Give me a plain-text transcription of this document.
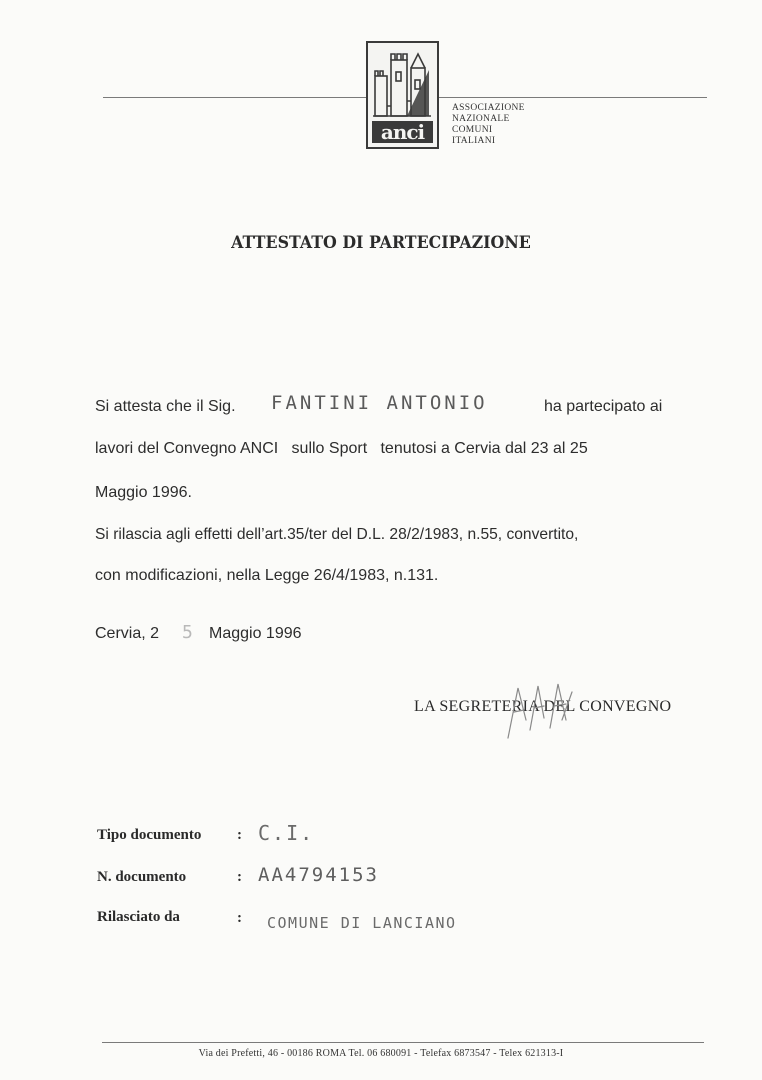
anci
ASSOCIAZIONE
NAZIONALE
COMUNI
ITALIANI
ATTESTATO DI PARTECIPAZIONE
Si attesta che il Sig. FANTINI ANTONIO	ha partecipato ai
lavori del Convegno ANCI   sullo Sport   tenutosi a Cervia dal 23 al 25
Maggio 1996.
Si rilascia agli effetti dell’art.35/ter del D.L. 28/2/1983, n.55, convertito,
con modificazioni, nella Legge 26/4/1983, n.131.
Cervia, 2 5 Maggio 1996
LA SEGRETERIA DEL CONVEGNO
Tipo documento : C.I.
N. documento	: AA4794153
Rilasciato da	: COMUNE DI LANCIANO
Via dei Prefetti, 46 - 00186 ROMA Tel. 06 680091 - Telefax 6873547 - Telex 621313-I
